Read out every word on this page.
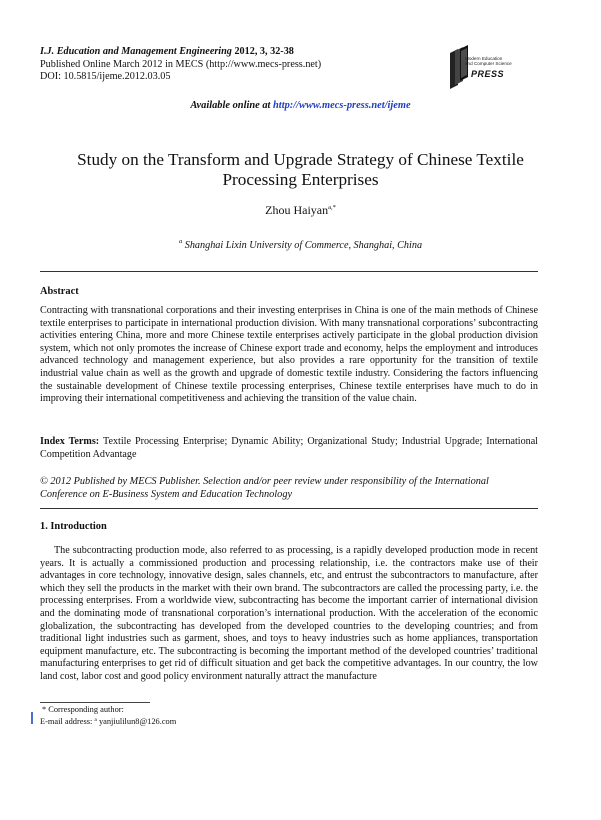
I.J. Education and Management Engineering 2012, 3, 32-38
Published Online March 2012 in MECS (http://www.mecs-press.net)
DOI: 10.5815/ijeme.2012.03.05
Modern Education
and Computer Science
PRESS
Available online at http://www.mecs-press.net/ijeme
Study on the Transform and Upgrade Strategy of Chinese Textile
Processing Enterprises
Zhou Haiyan$^{a,*}$
$^a$ Shanghai Lixin University of Commerce, Shanghai, China
Abstract
Contracting with transnational corporations and their investing enterprises in China is one of the main methods of Chinese textile enterprises to participate in international production division. With many transnational corporations’ subcontracting activities entering China, more and more Chinese textile enterprises actively participate in the global production division system, which not only promotes the increase of Chinese export trade and economy, helps the employment and introduces advanced technology and management experience, but also provides a rare opportunity for the transition of textile industrial value chain as well as the growth and upgrade of domestic textile industry. Considering the factors influencing the sustainable development of Chinese textile processing enterprises, Chinese textile enterprises have much to do in improving their international competitiveness and achieving the transition of the value chain.
Index Terms: Textile Processing Enterprise; Dynamic Ability; Organizational Study; Industrial Upgrade; International Competition Advantage
© 2012 Published by MECS Publisher. Selection and/or peer review under responsibility of the International Conference on E-Business System and Education Technology
1. Introduction
The subcontracting production mode, also referred to as processing, is a rapidly developed production mode in recent years. It is actually a commissioned production and processing relationship, i.e. the contractors make use of their advantages in core technology, innovative design, sales channels, etc, and entrust the subcontractors to manufacture, after which they sell the products in the market with their own brand. The subcontractors are called the processing party, i.e. the processing enterprises. From a worldwide view, subcontracting has become the important carrier of international division and the dominating mode of transnational corporation’s international production. With the acceleration of the economic globalization, the subcontracting has developed from the developed countries to the developing countries; and from traditional light industries such as garment, shoes, and toys to heavy industries such as home appliances, transportation equipment manufacture, etc. The subcontracting is becoming the important method of the developed countries’ traditional manufacturing enterprises to get rid of difficult situation and get back the competitive advantages. In our country, the low land cost, labor cost and good policy environment naturally attract the manufacture
* Corresponding author:
E-mail address: $^a$ yanjiulilun8@126.com
